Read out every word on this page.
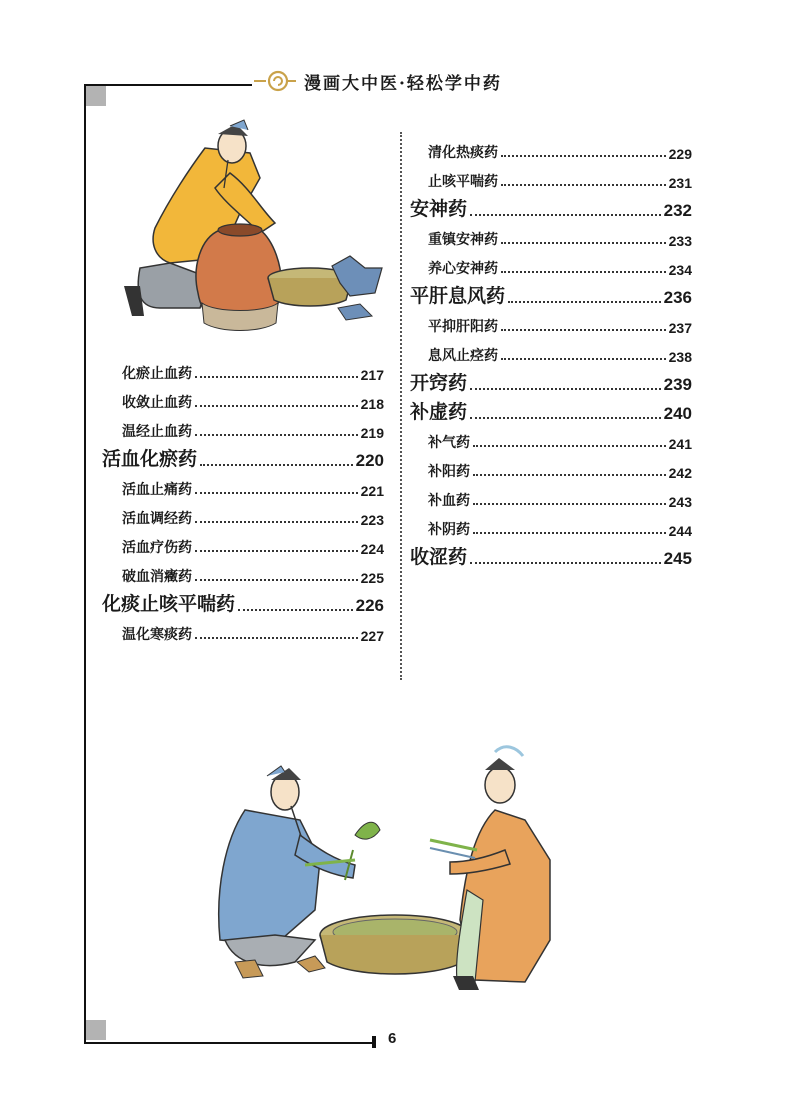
漫画大中医·轻松学中药
化瘀止血药	217
收敛止血药	218
温经止血药	219
活血化瘀药	220
活血止痛药	221
活血调经药	223
活血疗伤药	224
破血消癥药	225
化痰止咳平喘药	226
温化寒痰药	227
清化热痰药	229
止咳平喘药	231
安神药	232
重镇安神药	233
养心安神药	234
平肝息风药	236
平抑肝阳药	237
息风止痉药	238
开窍药	239
补虚药	240
补气药	241
补阳药	242
补血药	243
补阴药	244
收涩药	245
6
